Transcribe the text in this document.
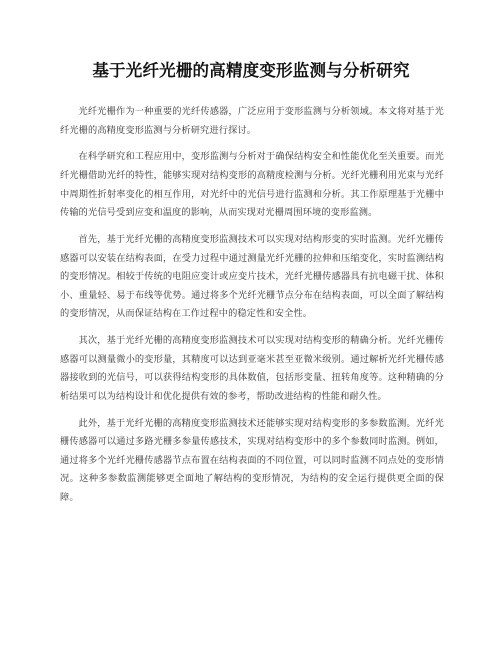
基于光纤光栅的高精度变形监测与分析研究

光纤光栅作为一种重要的光纤传感器，广泛应用于变形监测与分析领域。本文将对基于光纤光栅的高精度变形监测与分析研究进行探讨。

在科学研究和工程应用中，变形监测与分析对于确保结构安全和性能优化至关重要。而光纤光栅借助光纤的特性，能够实现对结构变形的高精度检测与分析。光纤光栅利用光束与光纤中周期性折射率变化的相互作用，对光纤中的光信号进行监测和分析。其工作原理基于光栅中传输的光信号受到应变和温度的影响，从而实现对光栅周围环境的变形监测。

首先，基于光纤光栅的高精度变形监测技术可以实现对结构形变的实时监测。光纤光栅传感器可以安装在结构表面，在受力过程中通过测量光纤光栅的拉伸和压缩变化，实时监测结构的变形情况。相较于传统的电阻应变计或应变片技术，光纤光栅传感器具有抗电磁干扰、体积小、重量轻、易于布线等优势。通过将多个光纤光栅节点分布在结构表面，可以全面了解结构的变形情况，从而保证结构在工作过程中的稳定性和安全性。

其次，基于光纤光栅的高精度变形监测技术可以实现对结构变形的精确分析。光纤光栅传感器可以测量微小的变形量，其精度可以达到亚毫米甚至亚微米级别。通过解析光纤光栅传感器接收到的光信号，可以获得结构变形的具体数值，包括形变量、扭转角度等。这种精确的分析结果可以为结构设计和优化提供有效的参考，帮助改进结构的性能和耐久性。

此外，基于光纤光栅的高精度变形监测技术还能够实现对结构变形的多参数监测。光纤光栅传感器可以通过多路光栅多参量传感技术，实现对结构变形中的多个参数同时监测。例如，通过将多个光纤光栅传感器节点布置在结构表面的不同位置，可以同时监测不同点处的变形情况。这种多参数监测能够更全面地了解结构的变形情况，为结构的安全运行提供更全面的保障。
